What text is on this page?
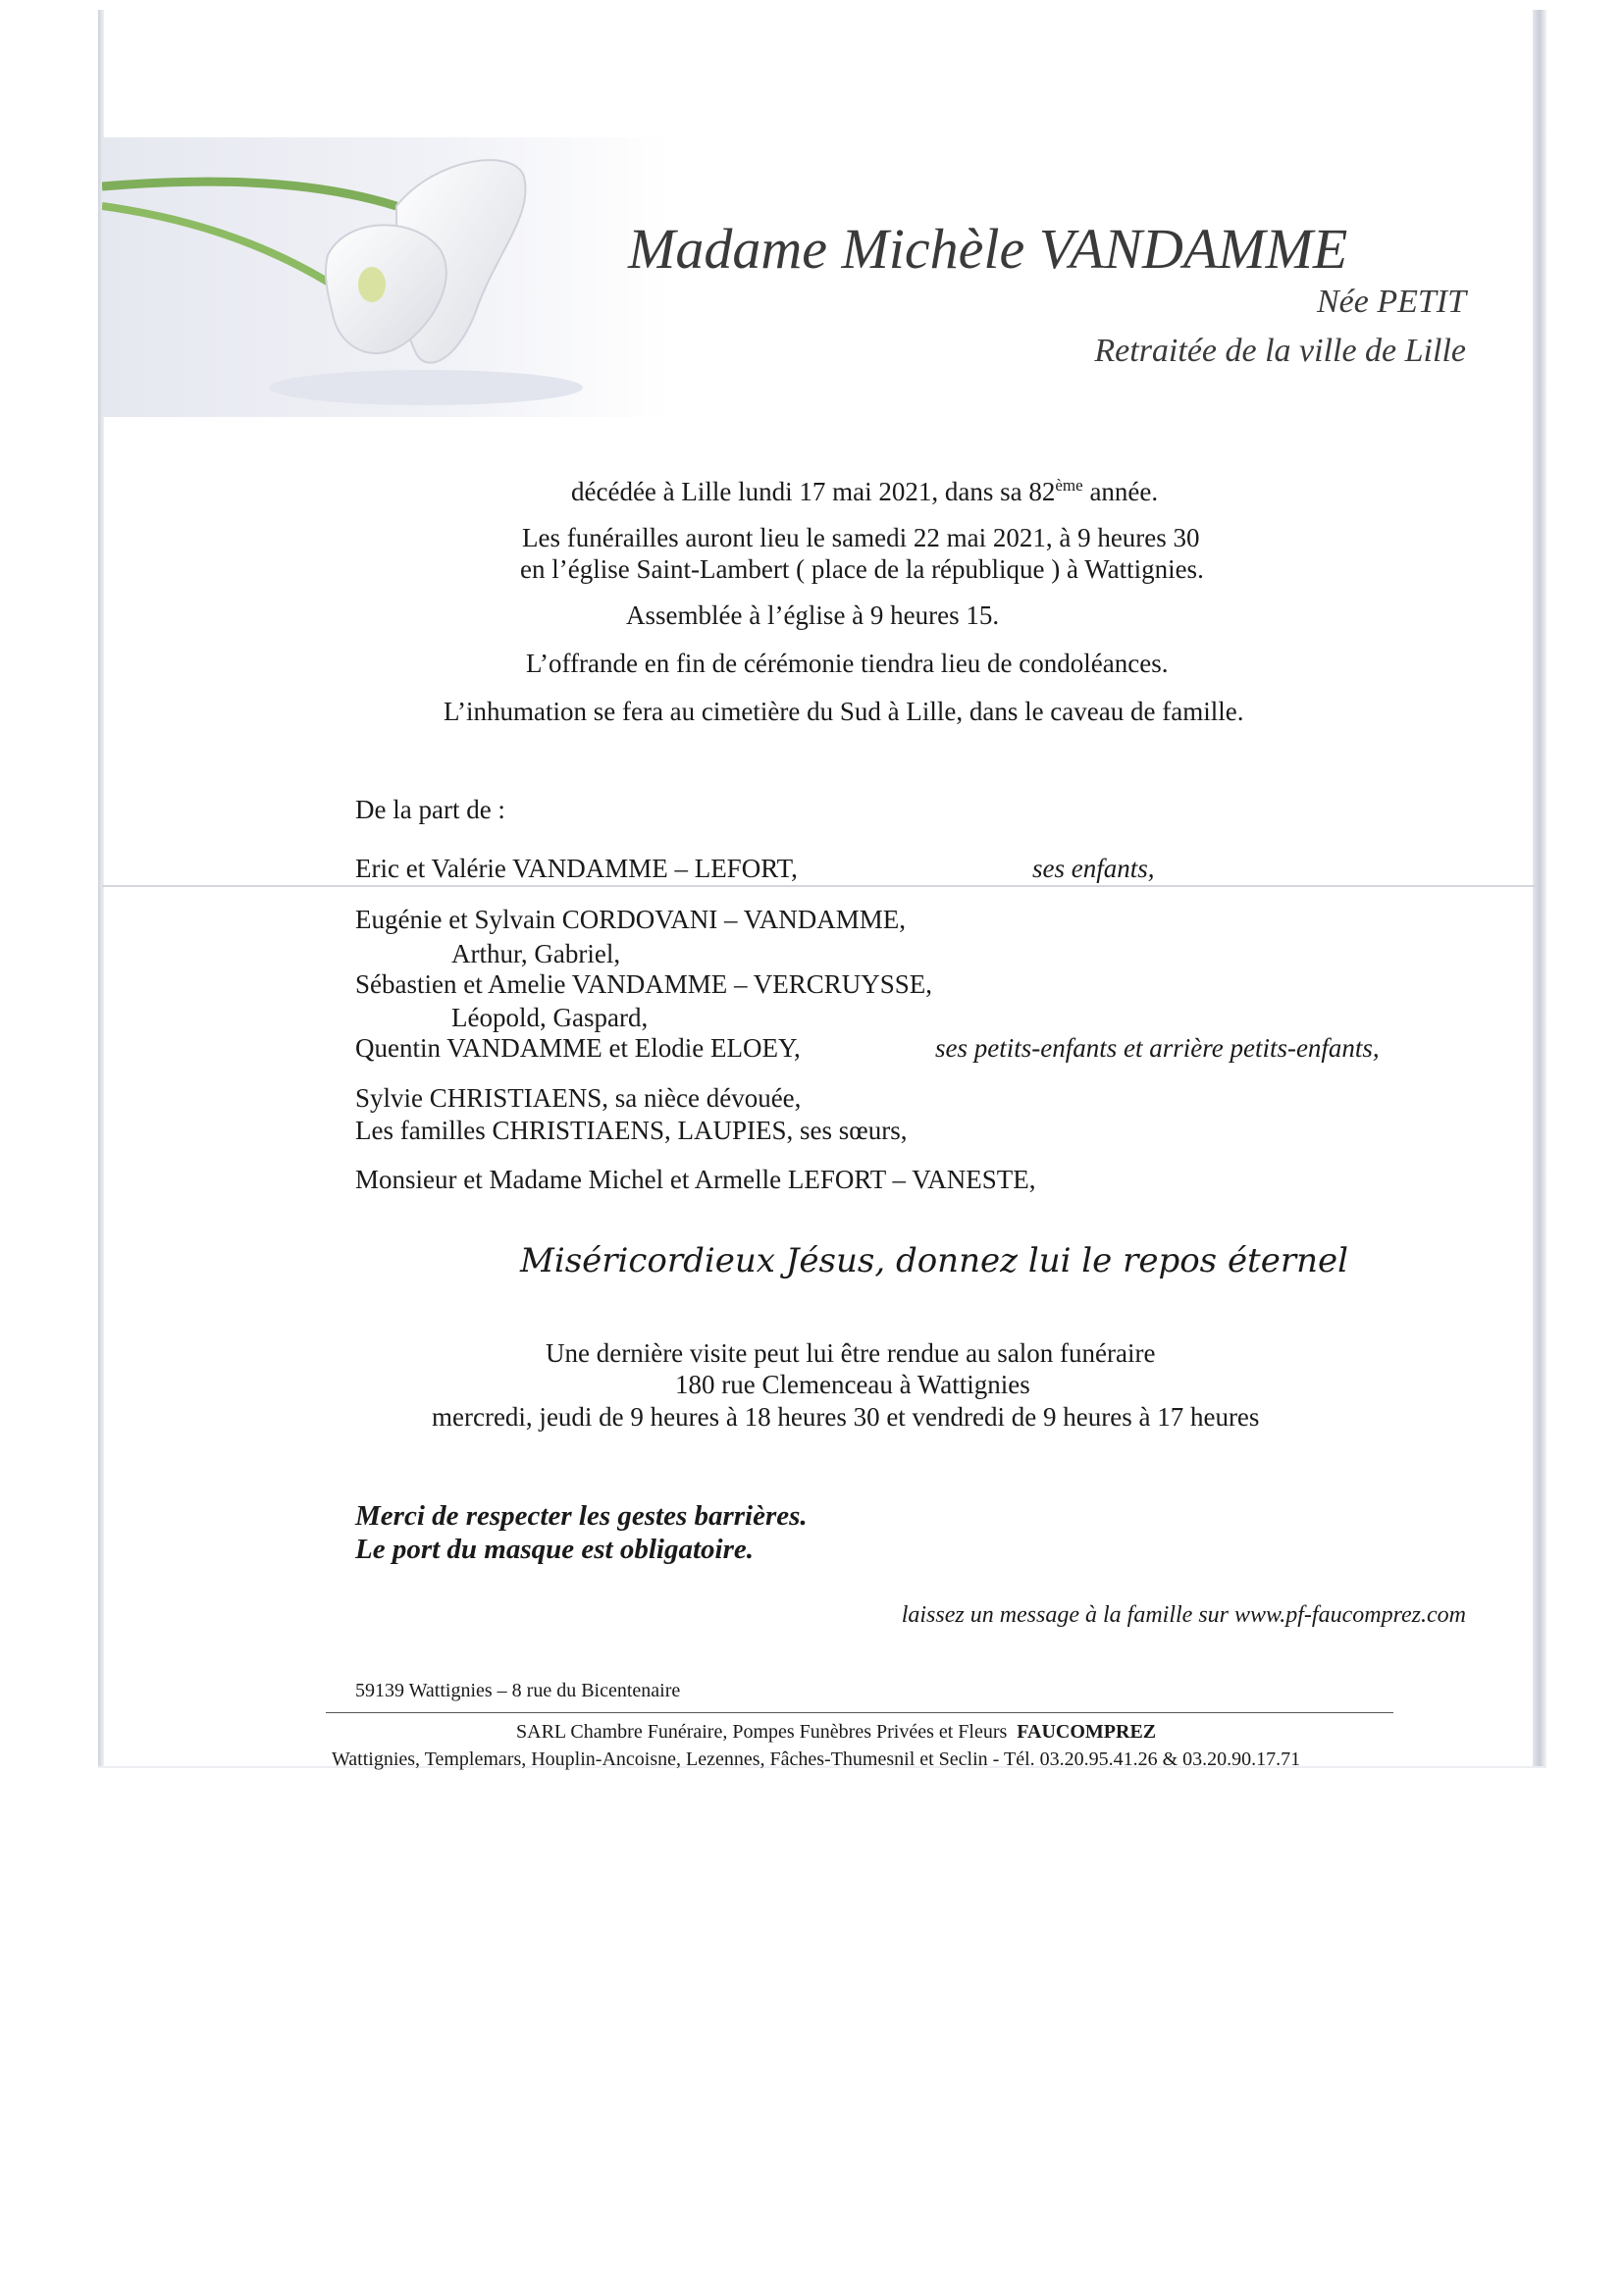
Madame Michèle VANDAMME
Née PETIT
Retraitée de la ville de Lille
décédée à Lille lundi 17 mai 2021, dans sa 82ème année.
Les funérailles auront lieu le samedi 22 mai 2021, à 9 heures 30
en l’église Saint-Lambert ( place de la république ) à Wattignies.
Assemblée à l’église à 9 heures 15.
L’offrande en fin de cérémonie tiendra lieu de condoléances.
L’inhumation se fera au cimetière du Sud à Lille, dans le caveau de famille.
De la part de :
Eric et Valérie VANDAMME – LEFORT,	ses enfants,
Eugénie et Sylvain CORDOVANI – VANDAMME,
Arthur, Gabriel,
Sébastien et Amelie VANDAMME – VERCRUYSSE,
Léopold, Gaspard,
Quentin VANDAMME et Elodie ELOEY,	ses petits-enfants et arrière petits-enfants,
Sylvie CHRISTIAENS, sa nièce dévouée,
Les familles CHRISTIAENS, LAUPIES, ses sœurs,
Monsieur et Madame Michel et Armelle LEFORT – VANESTE,
Miséricordieux Jésus, donnez lui le repos éternel
Une dernière visite peut lui être rendue au salon funéraire
180 rue Clemenceau à Wattignies
mercredi, jeudi de 9 heures à 18 heures 30 et vendredi de 9 heures à 17 heures
Merci de respecter les gestes barrières.
Le port du masque est obligatoire.
laissez un message à la famille sur www.pf-faucomprez.com
59139 Wattignies – 8 rue du Bicentenaire
SARL Chambre Funéraire, Pompes Funèbres Privées et Fleurs FAUCOMPREZ
Wattignies, Templemars, Houplin-Ancoisne, Lezennes, Fâches-Thumesnil et Seclin - Tél. 03.20.95.41.26 & 03.20.90.17.71
